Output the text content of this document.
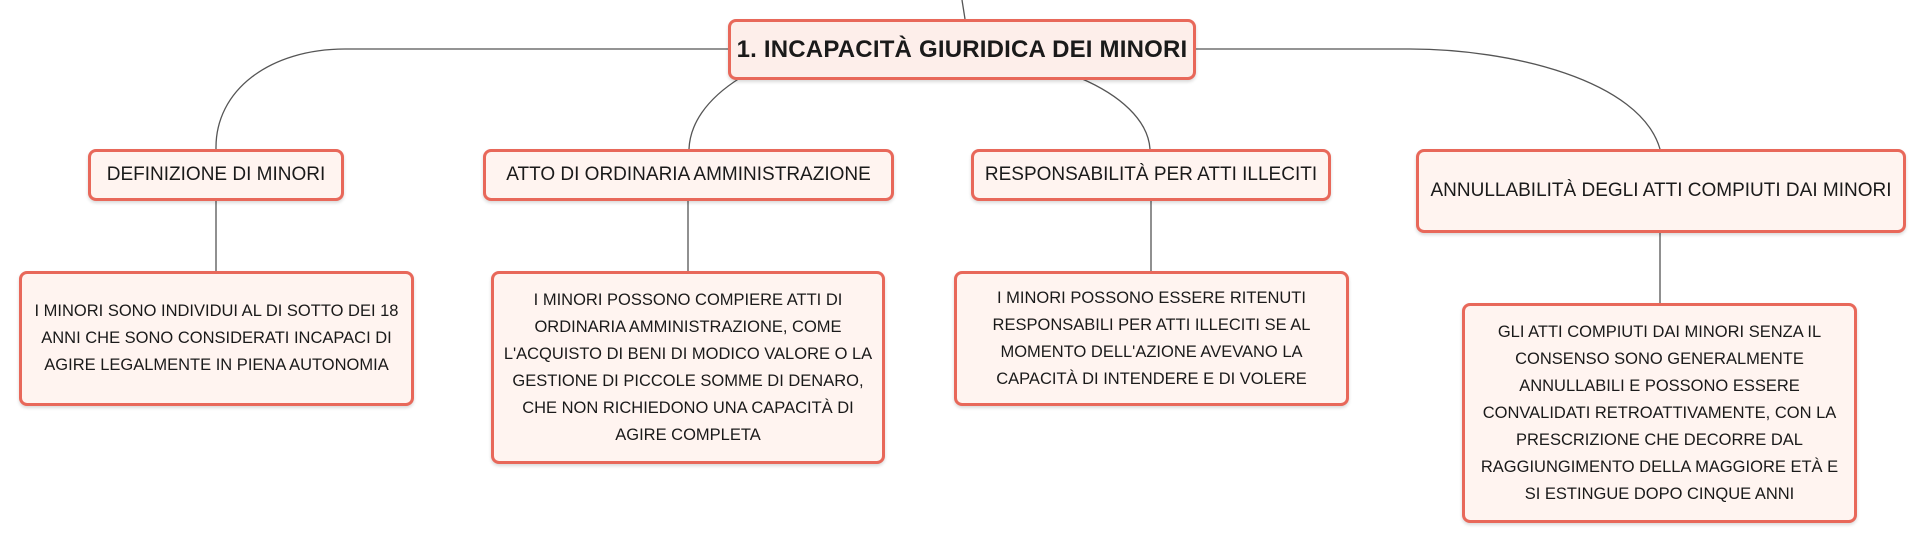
1. INCAPACITÀ GIURIDICA DEI MINORI
DEFINIZIONE DI MINORI	ATTO DI ORDINARIA AMMINISTRAZIONE	RESPONSABILITÀ PER ATTI ILLECITI
ANNULLABILITÀ DEGLI ATTI COMPIUTI DAI MINORI
I MINORI SONO INDIVIDUI AL DI SOTTO DEI 18 ANNI CHE SONO CONSIDERATI INCAPACI DI AGIRE LEGALMENTE IN PIENA AUTONOMIA
I MINORI POSSONO COMPIERE ATTI DI ORDINARIA AMMINISTRAZIONE, COME L'ACQUISTO DI BENI DI MODICO VALORE O LA GESTIONE DI PICCOLE SOMME DI DENARO, CHE NON RICHIEDONO UNA CAPACITÀ DI AGIRE COMPLETA
I MINORI POSSONO ESSERE RITENUTI RESPONSABILI PER ATTI ILLECITI SE AL MOMENTO DELL'AZIONE AVEVANO LA CAPACITÀ DI INTENDERE E DI VOLERE
GLI ATTI COMPIUTI DAI MINORI SENZA IL CONSENSO SONO GENERALMENTE ANNULLABILI E POSSONO ESSERE CONVALIDATI RETROATTIVAMENTE, CON LA PRESCRIZIONE CHE DECORRE DAL RAGGIUNGIMENTO DELLA MAGGIORE ETÀ E SI ESTINGUE DOPO CINQUE ANNI
